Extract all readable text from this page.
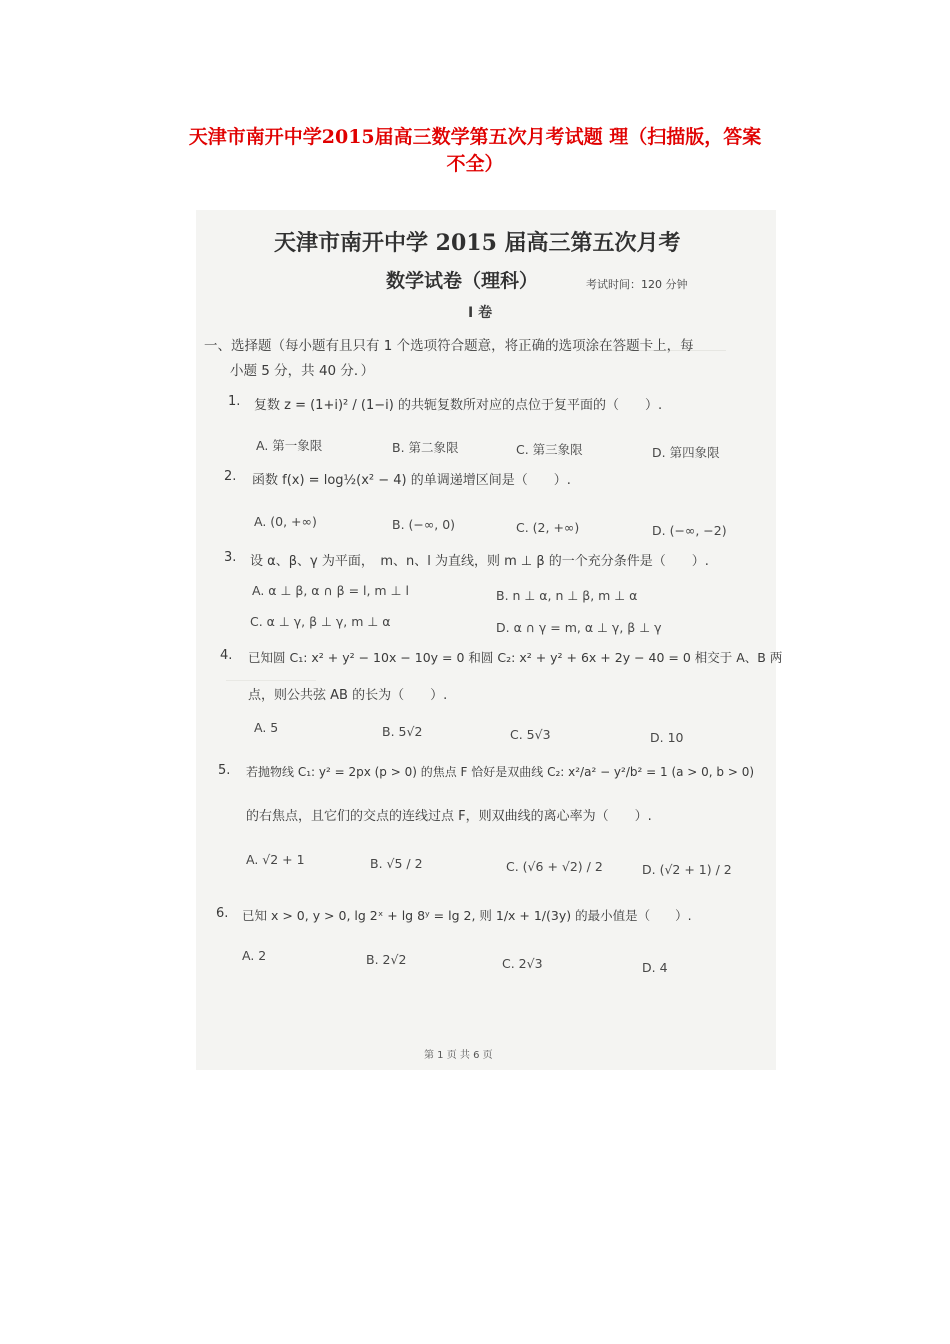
天津市南开中学2015届高三数学第五次月考试题 理（扫描版，答案
不全）
天津市南开中学 2015 届高三第五次月考
数学试卷（理科）	考试时间：120 分钟
I 卷
一、选择题（每小题有且只有 1 个选项符合题意，将正确的选项涂在答题卡上，每
小题 5 分，共 40 分．）
1. 复数 z = (1+i)² / (1−i) 的共轭复数所对应的点位于复平面的（　　）.
A. 第一象限	B. 第二象限	C. 第三象限	D. 第四象限
2. 函数 f(x) = log½(x² − 4) 的单调递增区间是（　　）.
A. (0, +∞)	B. (−∞, 0)	C. (2, +∞)	D. (−∞, −2)
3. 设 α、β、γ 为平面，　m、n、l 为直线，则 m ⊥ β 的一个充分条件是（　　）.
A. α ⊥ β, α ∩ β = l, m ⊥ l	B. n ⊥ α, n ⊥ β, m ⊥ α
C. α ⊥ γ, β ⊥ γ, m ⊥ α	D. α ∩ γ = m, α ⊥ γ, β ⊥ γ
4. 已知圆 C₁: x² + y² − 10x − 10y = 0 和圆 C₂: x² + y² + 6x + 2y − 40 = 0 相交于 A、B 两
点，则公共弦 AB 的长为（　　）.
A. 5	B. 5√2	C. 5√3	D. 10
5. 若抛物线 C₁: y² = 2px (p > 0) 的焦点 F 恰好是双曲线 C₂: x²/a² − y²/b² = 1 (a > 0, b > 0)
的右焦点，且它们的交点的连线过点 F，则双曲线的离心率为（　　）.
A. √2 + 1	B. √5 / 2	C. (√6 + √2) / 2	D. (√2 + 1) / 2
6. 已知 x > 0, y > 0, lg 2ˣ + lg 8ʸ = lg 2, 则 1/x + 1/(3y) 的最小值是（　　）.
A. 2	B. 2√2	C. 2√3	D. 4
第 1 页 共 6 页
